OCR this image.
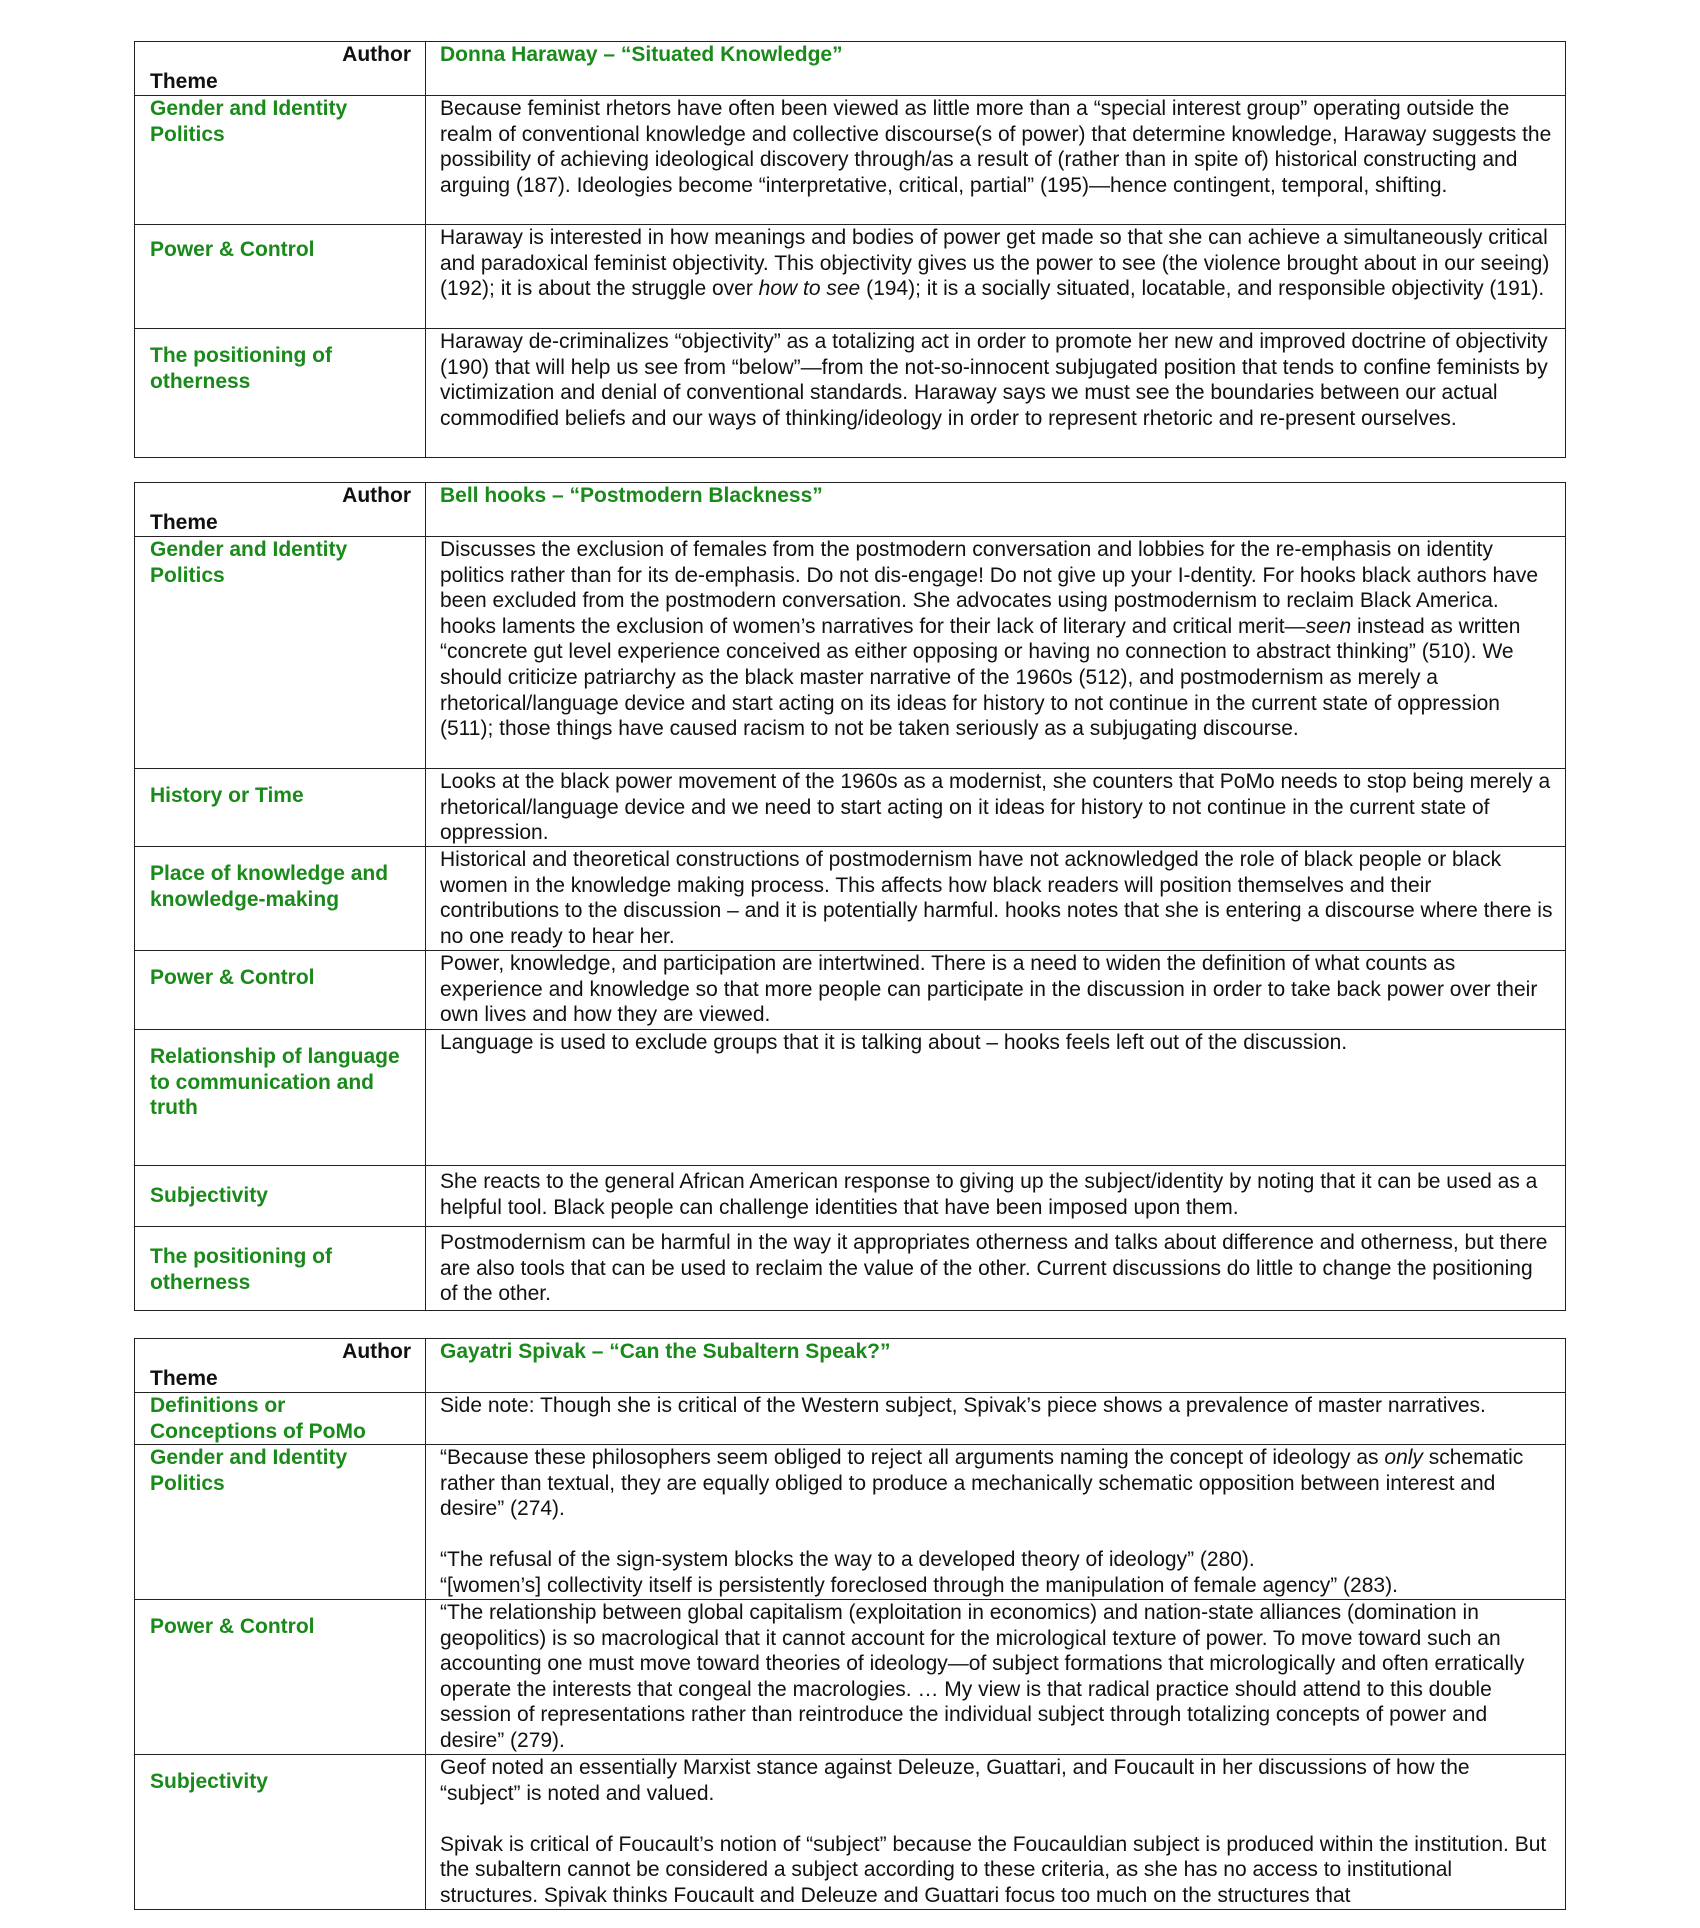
Author
Theme
Donna Haraway – “Situated Knowledge”
Gender and Identity Politics
Because feminist rhetors have often been viewed as little more than a “special interest group” operating outside the realm of conventional knowledge and collective discourse(s of power) that determine knowledge, Haraway suggests the possibility of achieving ideological discovery through/as a result of (rather than in spite of) historical constructing and arguing (187). Ideologies become “interpretative, critical, partial” (195)—hence contingent, temporal, shifting.
Power & Control
Haraway is interested in how meanings and bodies of power get made so that she can achieve a simultaneously critical and paradoxical feminist objectivity. This objectivity gives us the power to see (the violence brought about in our seeing) (192); it is about the struggle over how to see (194); it is a socially situated, locatable, and responsible objectivity (191).
The positioning of otherness
Haraway de-criminalizes “objectivity” as a totalizing act in order to promote her new and improved doctrine of objectivity (190) that will help us see from “below”—from the not-so-innocent subjugated position that tends to confine feminists by victimization and denial of conventional standards. Haraway says we must see the boundaries between our actual commodified beliefs and our ways of thinking/ideology in order to represent rhetoric and re-present ourselves.
Author
Theme
Bell hooks – “Postmodern Blackness”
Gender and Identity Politics
Discusses the exclusion of females from the postmodern conversation and lobbies for the re-emphasis on identity politics rather than for its de-emphasis. Do not dis-engage! Do not give up your I-dentity. For hooks black authors have been excluded from the postmodern conversation. She advocates using postmodernism to reclaim Black America. hooks laments the exclusion of women’s narratives for their lack of literary and critical merit—seen instead as written “concrete gut level experience conceived as either opposing or having no connection to abstract thinking” (510). We should criticize patriarchy as the black master narrative of the 1960s (512), and postmodernism as merely a rhetorical/language device and start acting on its ideas for history to not continue in the current state of oppression (511); those things have caused racism to not be taken seriously as a subjugating discourse.
History or Time
Looks at the black power movement of the 1960s as a modernist, she counters that PoMo needs to stop being merely a rhetorical/language device and we need to start acting on it ideas for history to not continue in the current state of oppression.
Place of knowledge and knowledge-making
Historical and theoretical constructions of postmodernism have not acknowledged the role of black people or black women in the knowledge making process. This affects how black readers will position themselves and their contributions to the discussion – and it is potentially harmful. hooks notes that she is entering a discourse where there is no one ready to hear her.
Power & Control
Power, knowledge, and participation are intertwined. There is a need to widen the definition of what counts as experience and knowledge so that more people can participate in the discussion in order to take back power over their own lives and how they are viewed.
Relationship of language to communication and truth
Language is used to exclude groups that it is talking about – hooks feels left out of the discussion.
Subjectivity
She reacts to the general African American response to giving up the subject/identity by noting that it can be used as a helpful tool. Black people can challenge identities that have been imposed upon them.
The positioning of otherness
Postmodernism can be harmful in the way it appropriates otherness and talks about difference and otherness, but there are also tools that can be used to reclaim the value of the other. Current discussions do little to change the positioning of the other.
Author
Theme
Gayatri Spivak – “Can the Subaltern Speak?”
Definitions or Conceptions of PoMo
Side note: Though she is critical of the Western subject, Spivak’s piece shows a prevalence of master narratives.
Gender and Identity Politics

“Because these philosophers seem obliged to reject all arguments naming the concept of ideology as only schematic rather than textual, they are equally obliged to produce a mechanically schematic opposition between interest and desire” (274).

“The refusal of the sign-system blocks the way to a developed theory of ideology” (280).

“[women’s] collectivity itself is persistently foreclosed through the manipulation of female agency” (283).

Power & Control
“The relationship between global capitalism (exploitation in economics) and nation-state alliances (domination in geopolitics) is so macrological that it cannot account for the micrological texture of power. To move toward such an accounting one must move toward theories of ideology—of subject formations that micrologically and often erratically operate the interests that congeal the macrologies. … My view is that radical practice should attend to this double session of representations rather than reintroduce the individual subject through totalizing concepts of power and desire” (279).
Subjectivity

Geof noted an essentially Marxist stance against Deleuze, Guattari, and Foucault in her discussions of how the “subject” is noted and valued.

Spivak is critical of Foucault’s notion of “subject” because the Foucauldian subject is produced within the institution. But the subaltern cannot be considered a subject according to these criteria, as she has no access to institutional structures. Spivak thinks Foucault and Deleuze and Guattari focus too much on the structures that
